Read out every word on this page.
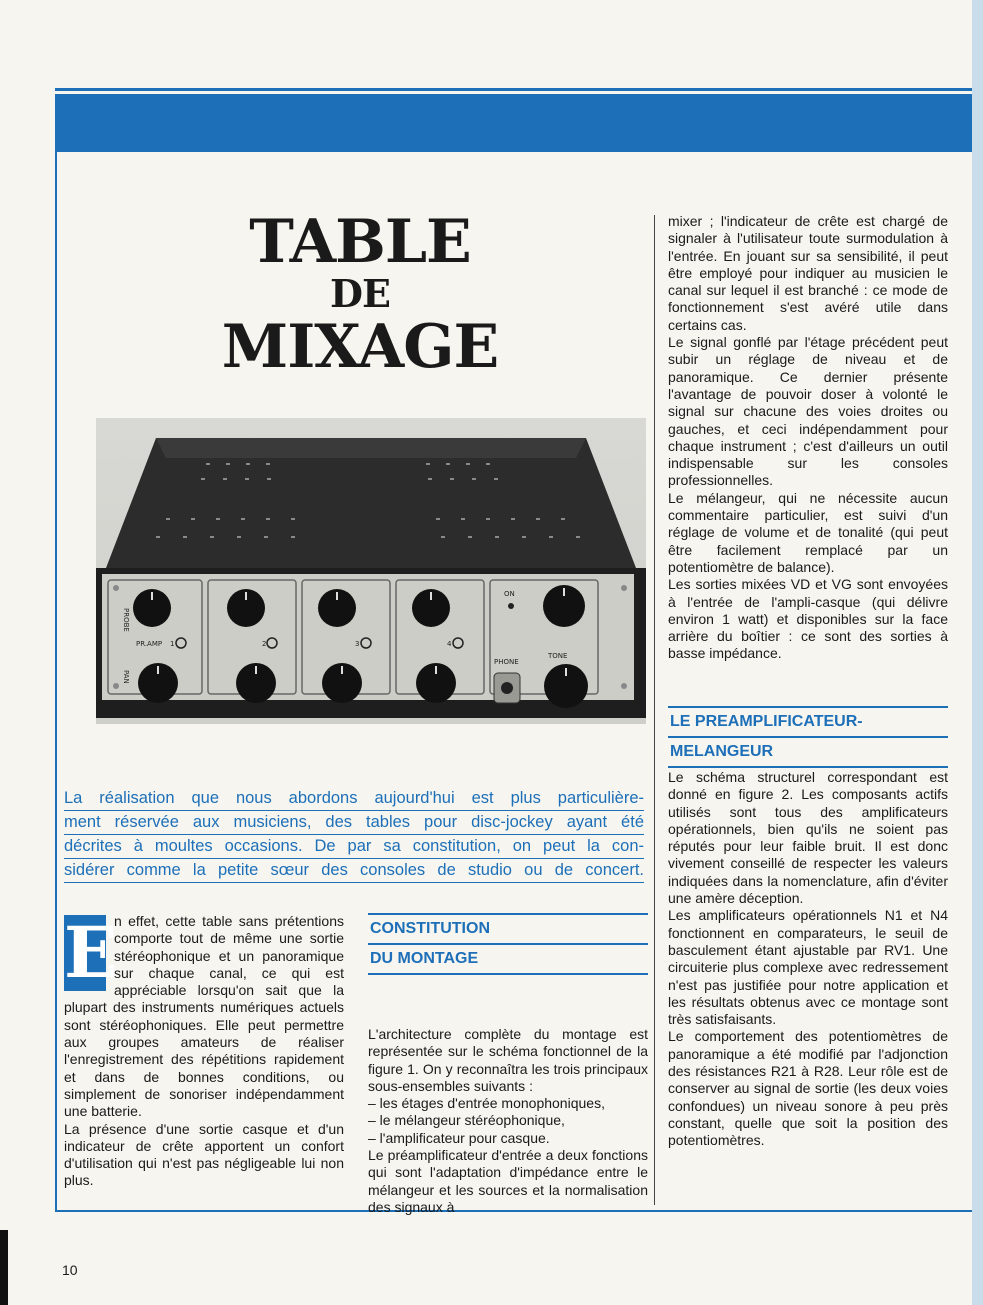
TABLE
DE
MIXAGE
PROBE
PAN
PR.AMP
ON
PHONE
TONE
1	2	3	4
La réalisation que nous abordons aujourd'hui est plus particulière-
ment réservée aux musiciens, des tables pour disc-jockey ayant été
décrites à moultes occasions. De par sa constitution, on peut la con-
sidérer comme la petite sœur des consoles de studio ou de concert.
E

n effet, cette table sans prétentions comporte tout de même une sortie stéréophonique et un panoramique sur chaque canal, ce qui est appréciable lorsqu'on sait que la plupart des instruments numériques actuels sont stéréophoniques. Elle peut permettre aux groupes amateurs de réaliser l'enregistrement des répétitions rapidement et dans de bonnes conditions, ou simplement de sonoriser indépendamment une batterie.

La présence d'une sortie casque et d'un indicateur de crête apportent un confort d'utilisation qui n'est pas négligeable lui non plus.

CONSTITUTION
DU MONTAGE

L'architecture complète du montage est représentée sur le schéma fonctionnel de la figure 1. On y reconnaîtra les trois principaux sous-ensembles suivants :

– les étages d'entrée monophoniques,

– le mélangeur stéréophonique,

– l'amplificateur pour casque.

Le préamplificateur d'entrée a deux fonctions qui sont l'adaptation d'impédance entre le mélangeur et les sources et la normalisation des signaux à

mixer ; l'indicateur de crête est chargé de signaler à l'utilisateur toute surmodulation à l'entrée. En jouant sur sa sensibilité, il peut être employé pour indiquer au musicien le canal sur lequel il est branché : ce mode de fonctionnement s'est avéré utile dans certains cas.

Le signal gonflé par l'étage précédent peut subir un réglage de niveau et de panoramique. Ce dernier présente l'avantage de pouvoir doser à volonté le signal sur chacune des voies droites ou gauches, et ceci indépendamment pour chaque instrument ; c'est d'ailleurs un outil indispensable sur les consoles professionnelles.

Le mélangeur, qui ne nécessite aucun commentaire particulier, est suivi d'un réglage de volume et de tonalité (qui peut être facilement remplacé par un potentiomètre de balance).

Les sorties mixées VD et VG sont envoyées à l'entrée de l'ampli-casque (qui délivre environ 1 watt) et disponibles sur la face arrière du boîtier : ce sont des sorties à basse impédance.

LE PREAMPLIFICATEUR-
MELANGEUR

Le schéma structurel correspondant est donné en figure 2. Les composants actifs utilisés sont tous des amplificateurs opérationnels, bien qu'ils ne soient pas réputés pour leur faible bruit. Il est donc vivement conseillé de respecter les valeurs indiquées dans la nomenclature, afin d'éviter une amère déception.

Les amplificateurs opérationnels N1 et N4 fonctionnent en comparateurs, le seuil de basculement étant ajustable par RV1. Une circuiterie plus complexe avec redressement n'est pas justifiée pour notre application et les résultats obtenus avec ce montage sont très satisfaisants.

Le comportement des potentiomètres de panoramique a été modifié par l'adjonction des résistances R21 à R28. Leur rôle est de conserver au signal de sortie (les deux voies confondues) un niveau sonore à peu près constant, quelle que soit la position des potentiomètres.

10
